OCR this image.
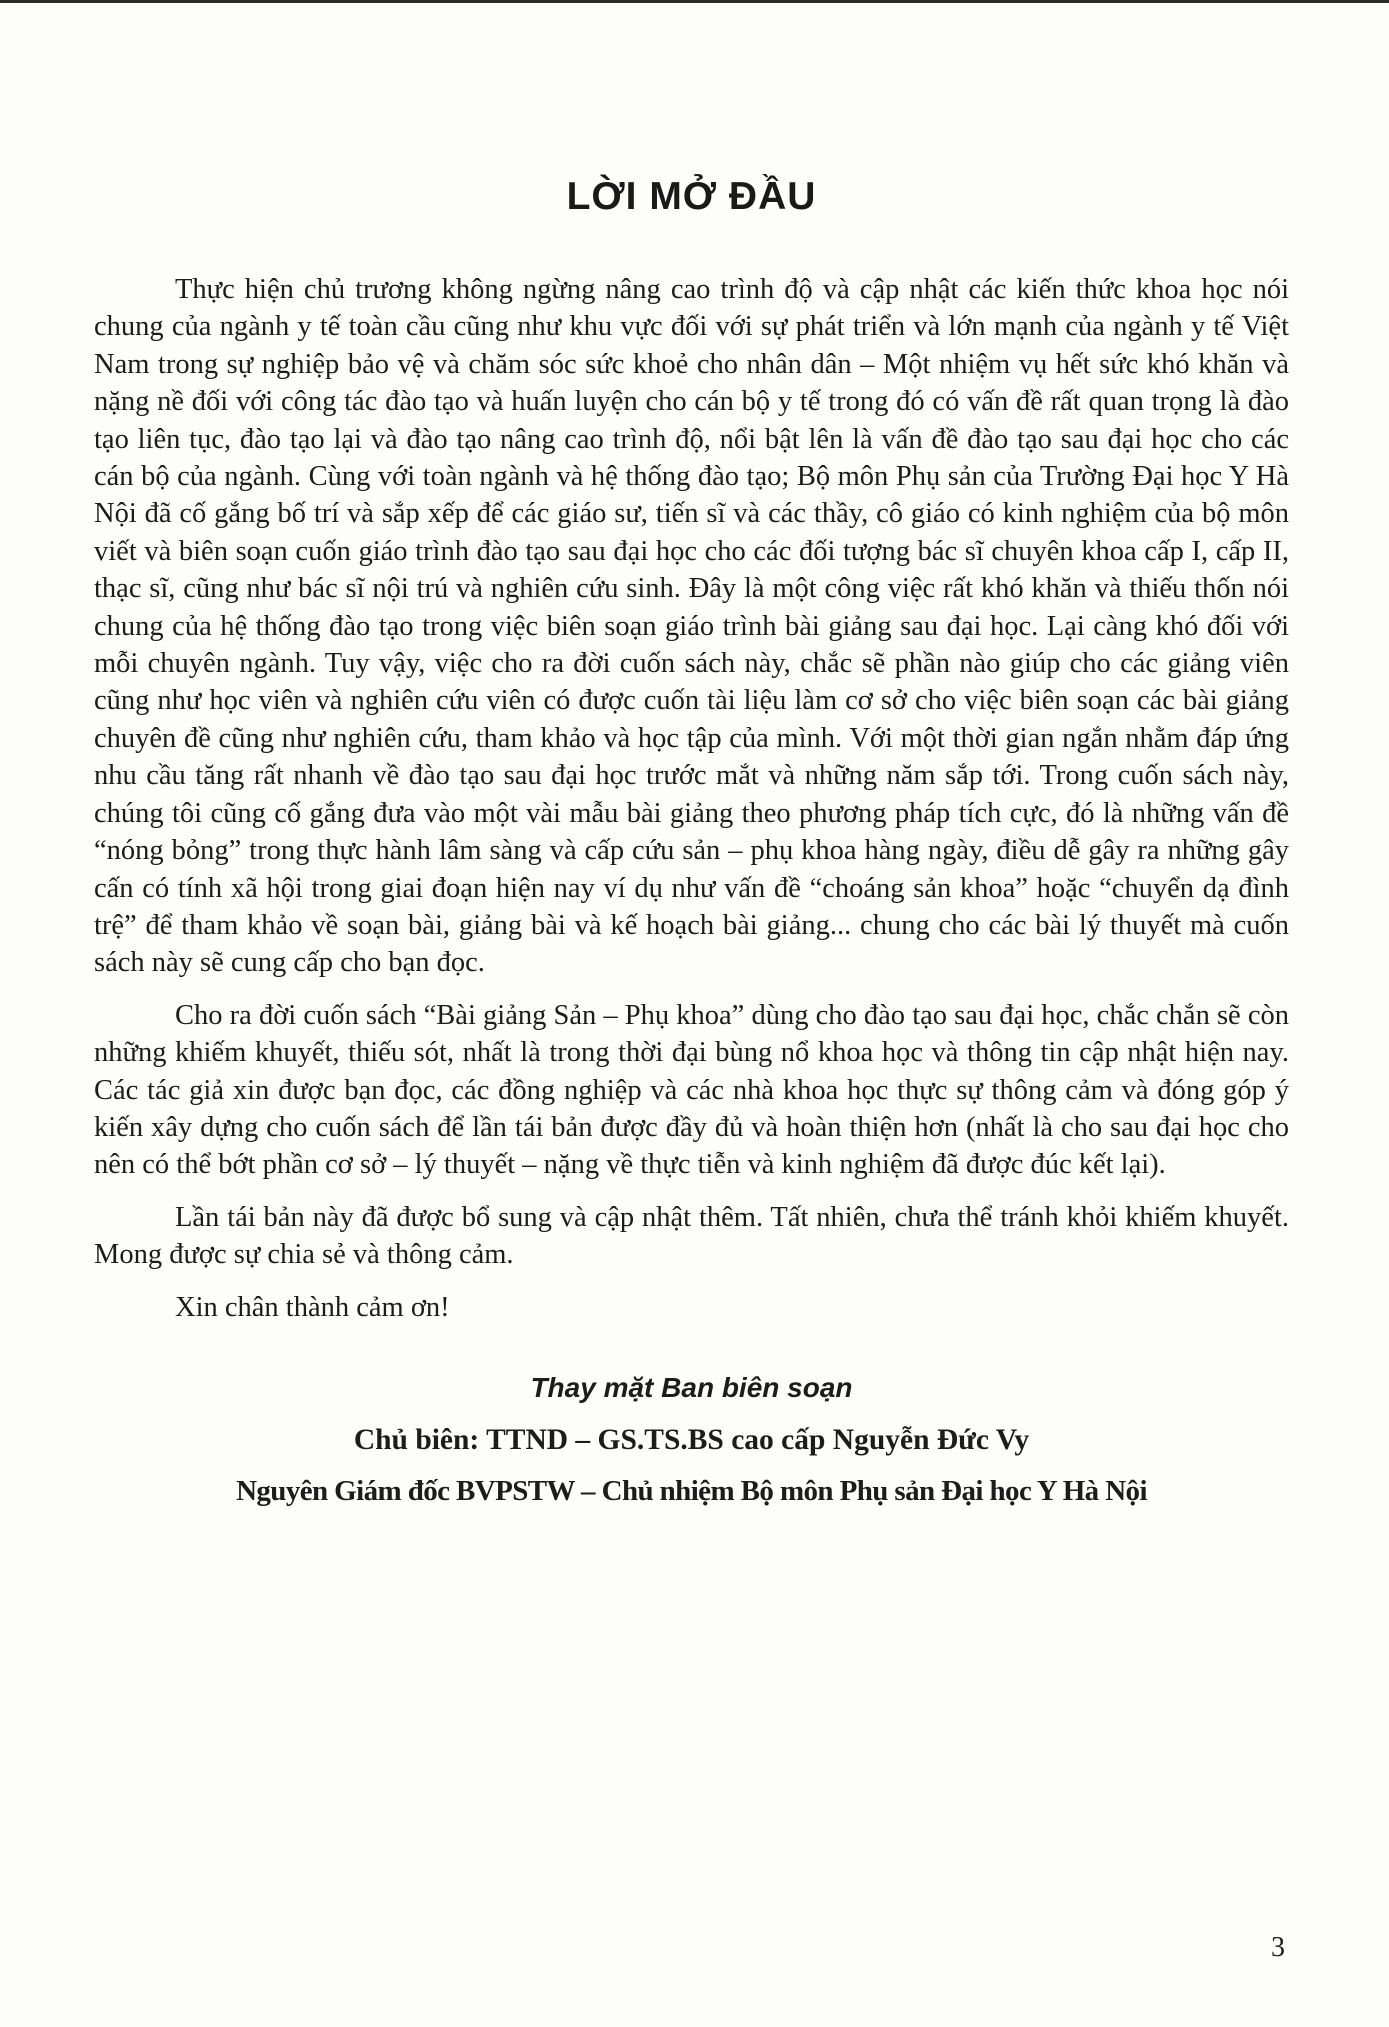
LỜI MỞ ĐẦU

Thực hiện chủ trương không ngừng nâng cao trình độ và cập nhật các kiến thức khoa học nói chung của ngành y tế toàn cầu cũng như khu vực đối với sự phát triển và lớn mạnh của ngành y tế Việt Nam trong sự nghiệp bảo vệ và chăm sóc sức khoẻ cho nhân dân – Một nhiệm vụ hết sức khó khăn và nặng nề đối với công tác đào tạo và huấn luyện cho cán bộ y tế trong đó có vấn đề rất quan trọng là đào tạo liên tục, đào tạo lại và đào tạo nâng cao trình độ, nổi bật lên là vấn đề đào tạo sau đại học cho các cán bộ của ngành. Cùng với toàn ngành và hệ thống đào tạo; Bộ môn Phụ sản của Trường Đại học Y Hà Nội đã cố gắng bố trí và sắp xếp để các giáo sư, tiến sĩ và các thầy, cô giáo có kinh nghiệm của bộ môn viết và biên soạn cuốn giáo trình đào tạo sau đại học cho các đối tượng bác sĩ chuyên khoa cấp I, cấp II, thạc sĩ, cũng như bác sĩ nội trú và nghiên cứu sinh. Đây là một công việc rất khó khăn và thiếu thốn nói chung của hệ thống đào tạo trong việc biên soạn giáo trình bài giảng sau đại học. Lại càng khó đối với mỗi chuyên ngành. Tuy vậy, việc cho ra đời cuốn sách này, chắc sẽ phần nào giúp cho các giảng viên cũng như học viên và nghiên cứu viên có được cuốn tài liệu làm cơ sở cho việc biên soạn các bài giảng chuyên đề cũng như nghiên cứu, tham khảo và học tập của mình. Với một thời gian ngắn nhằm đáp ứng nhu cầu tăng rất nhanh về đào tạo sau đại học trước mắt và những năm sắp tới. Trong cuốn sách này, chúng tôi cũng cố gắng đưa vào một vài mẫu bài giảng theo phương pháp tích cực, đó là những vấn đề “nóng bỏng” trong thực hành lâm sàng và cấp cứu sản – phụ khoa hàng ngày, điều dễ gây ra những gây cấn có tính xã hội trong giai đoạn hiện nay ví dụ như vấn đề “choáng sản khoa” hoặc “chuyển dạ đình trệ” để tham khảo về soạn bài, giảng bài và kế hoạch bài giảng... chung cho các bài lý thuyết mà cuốn sách này sẽ cung cấp cho bạn đọc.

Cho ra đời cuốn sách “Bài giảng Sản – Phụ khoa” dùng cho đào tạo sau đại học, chắc chắn sẽ còn những khiếm khuyết, thiếu sót, nhất là trong thời đại bùng nổ khoa học và thông tin cập nhật hiện nay. Các tác giả xin được bạn đọc, các đồng nghiệp và các nhà khoa học thực sự thông cảm và đóng góp ý kiến xây dựng cho cuốn sách để lần tái bản được đầy đủ và hoàn thiện hơn (nhất là cho sau đại học cho nên có thể bớt phần cơ sở – lý thuyết – nặng về thực tiễn và kinh nghiệm đã được đúc kết lại).

Lần tái bản này đã được bổ sung và cập nhật thêm. Tất nhiên, chưa thể tránh khỏi khiếm khuyết. Mong được sự chia sẻ và thông cảm.

Xin chân thành cảm ơn!

Thay mặt Ban biên soạn

Chủ biên: TTND – GS.TS.BS cao cấp Nguyễn Đức Vy

Nguyên Giám đốc BVPSTW – Chủ nhiệm Bộ môn Phụ sản Đại học Y Hà Nội

3
